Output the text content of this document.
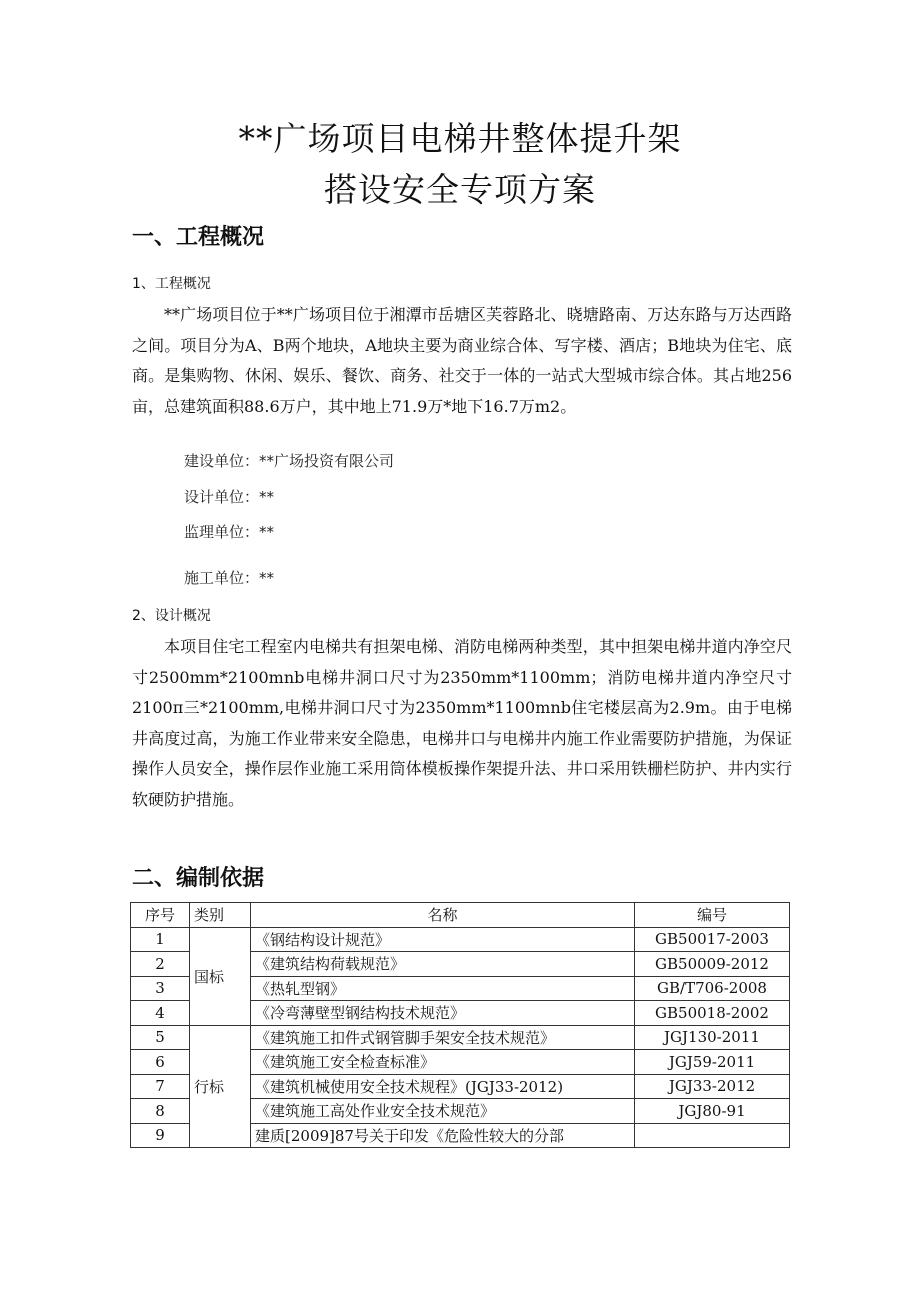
**广场项目电梯井整体提升架
搭设安全专项方案
一、工程概况
1、工程概况

**广场项目位于**广场项目位于湘潭市岳塘区芙蓉路北、晓塘路南、万达东路与万达西路之间。项目分为A、B两个地块，A地块主要为商业综合体、写字楼、酒店；B地块为住宅、底商。是集购物、休闲、娱乐、餐饮、商务、社交于一体的一站式大型城市综合体。其占地256亩，总建筑面积88.6万户，其中地上71.9万*地下16.7万m2。

建设单位：**广场投资有限公司
设计单位：**
监理单位：**
施工单位：**
2、设计概况

本项目住宅工程室内电梯共有担架电梯、消防电梯两种类型，其中担架电梯井道内净空尺寸2500mm*2100mnb电梯井洞口尺寸为2350mm*1100mm；消防电梯井道内净空尺寸2100π三*2100mm,电梯井洞口尺寸为2350mm*1100mnb住宅楼层高为2.9m。由于电梯井高度过高，为施工作业带来安全隐患，电梯井口与电梯井内施工作业需要防护措施，为保证操作人员安全，操作层作业施工采用筒体模板操作架提升法、井口采用铁栅栏防护、井内实行软硬防护措施。

二、编制依据
序号	类别	名称	编号
1	国标	《钢结构设计规范》	GB50017-2003
2		《建筑结构荷载规范》	GB50009-2012
3		《热轧型钢》	GB/T706-2008
4		《冷弯薄壁型钢结构技术规范》	GB50018-2002
5	行标	《建筑施工扣件式钢管脚手架安全技术规范》	JGJ130-2011
6		《建筑施工安全检查标准》	JGJ59-2011
7		《建筑机械使用安全技术规程》(JGJ33-2012)	JGJ33-2012
8		《建筑施工高处作业安全技术规范》	JGJ80-91
9		建质[2009]87号关于印发《危险性较大的分部	
